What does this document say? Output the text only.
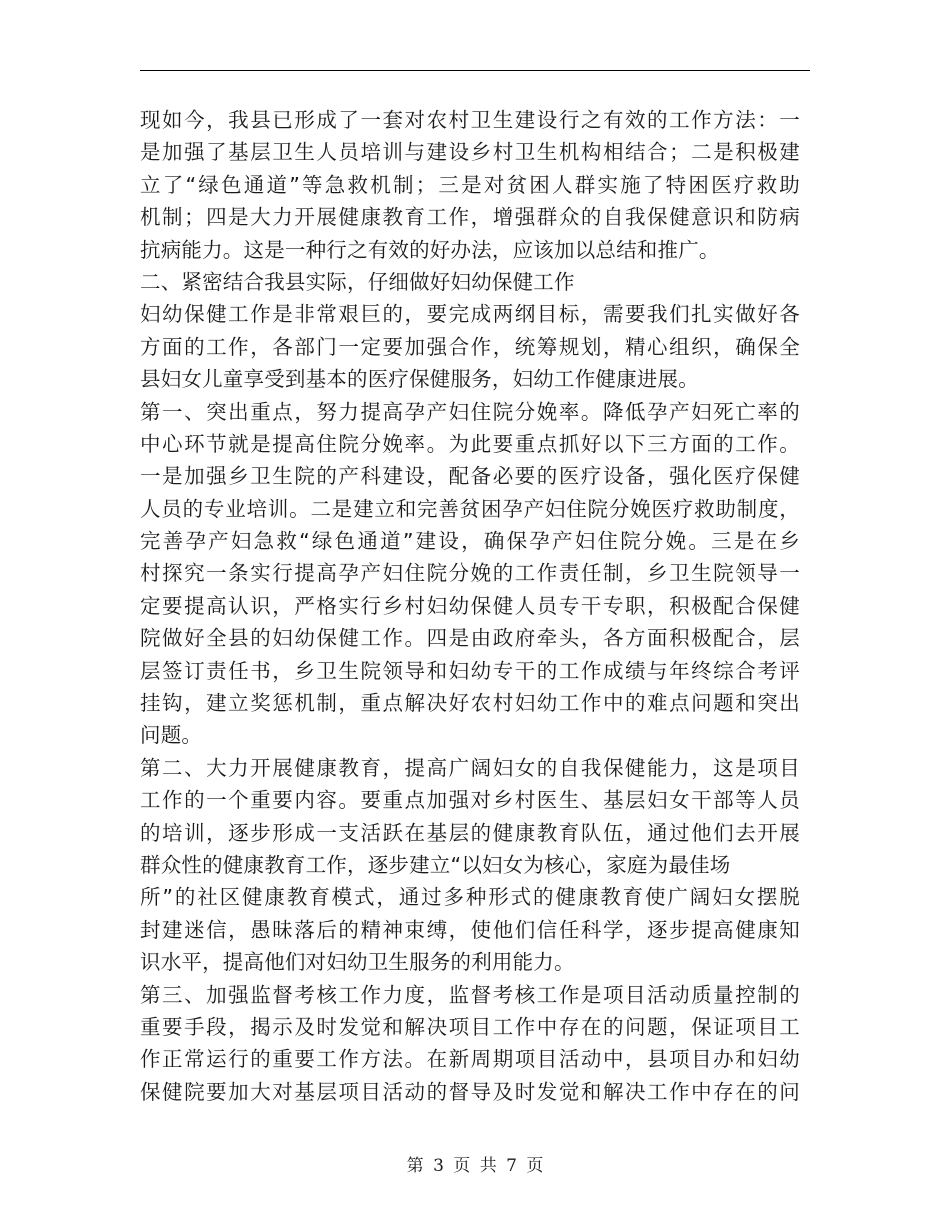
现如今，我县已形成了一套对农村卫生建设行之有效的工作方法：一
是加强了基层卫生人员培训与建设乡村卫生机构相结合；二是积极建
立了“绿色通道”等急救机制；三是对贫困人群实施了特困医疗救助
机制；四是大力开展健康教育工作，增强群众的自我保健意识和防病
抗病能力。这是一种行之有效的好办法，应该加以总结和推广。
二、紧密结合我县实际，仔细做好妇幼保健工作
妇幼保健工作是非常艰巨的，要完成两纲目标，需要我们扎实做好各
方面的工作，各部门一定要加强合作，统筹规划，精心组织，确保全
县妇女儿童享受到基本的医疗保健服务，妇幼工作健康进展。
第一、突出重点，努力提高孕产妇住院分娩率。降低孕产妇死亡率的
中心环节就是提高住院分娩率。为此要重点抓好以下三方面的工作。
一是加强乡卫生院的产科建设，配备必要的医疗设备，强化医疗保健
人员的专业培训。二是建立和完善贫困孕产妇住院分娩医疗救助制度，
完善孕产妇急救“绿色通道”建设，确保孕产妇住院分娩。三是在乡
村探究一条实行提高孕产妇住院分娩的工作责任制，乡卫生院领导一
定要提高认识，严格实行乡村妇幼保健人员专干专职，积极配合保健
院做好全县的妇幼保健工作。四是由政府牵头，各方面积极配合，层
层签订责任书，乡卫生院领导和妇幼专干的工作成绩与年终综合考评
挂钩，建立奖惩机制，重点解决好农村妇幼工作中的难点问题和突出
问题。
第二、大力开展健康教育，提高广阔妇女的自我保健能力，这是项目
工作的一个重要内容。要重点加强对乡村医生、基层妇女干部等人员
的培训，逐步形成一支活跃在基层的健康教育队伍，通过他们去开展
群众性的健康教育工作，逐步建立“以妇女为核心，家庭为最佳场
所”的社区健康教育模式，通过多种形式的健康教育使广阔妇女摆脱
封建迷信，愚昧落后的精神束缚，使他们信任科学，逐步提高健康知
识水平，提高他们对妇幼卫生服务的利用能力。
第三、加强监督考核工作力度，监督考核工作是项目活动质量控制的
重要手段，揭示及时发觉和解决项目工作中存在的问题，保证项目工
作正常运行的重要工作方法。在新周期项目活动中，县项目办和妇幼
保健院要加大对基层项目活动的督导及时发觉和解决工作中存在的问
第 3 页 共 7 页
